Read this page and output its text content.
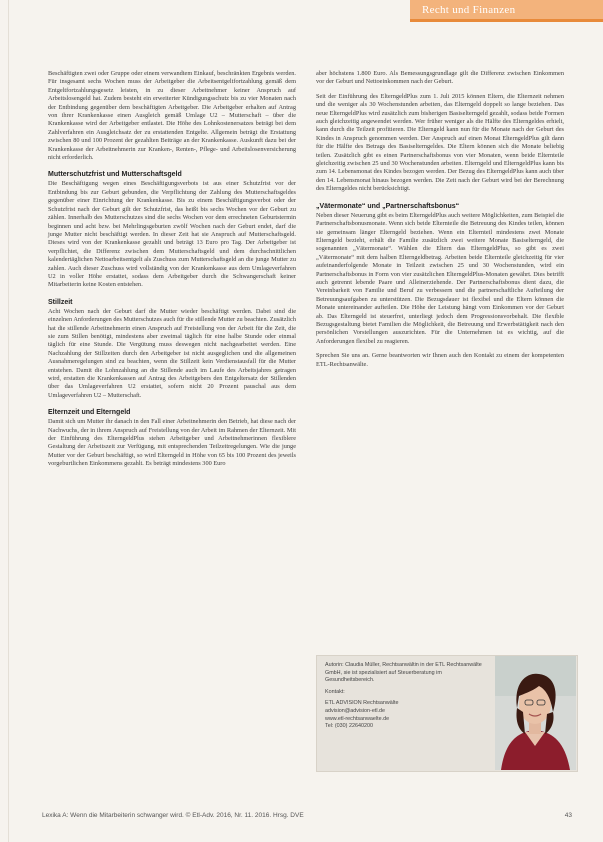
Recht und Finanzen

Beschäftigten zwei oder Gruppe oder einem verwandtem Einkauf, beschränkten Ergebnis werden. Für insgesamt sechs Wochen muss der Arbeitgeber die Arbeitsentgeltfortzahlung gemäß dem Entgeltfortzahlungsgesetz leisten, in zu dieser Arbeitnehmer keiner Anspruch auf Arbeitslosengeld hat. Zudem besteht ein erweiterter Kündigungsschutz bis zu vier Monaten nach der Entbindung gegenüber dem beschäftigten Arbeitgeber. Die Arbeitgeber erhalten auf Antrag von ihrer Krankenkasse einen Ausgleich gemäß Umlage U2 – Mutterschaft – über die Krankenkasse wird der Arbeitgeber entlastet. Die Höhe des Lohnkostenersatzes beträgt bei dem Zahlverfahren ein Ausgleichsatz der zu erstattenden Entgelte. Allgemein beträgt die Erstattung zwischen 80 und 100 Prozent der gezahlten Beiträge an der Krankenkasse. Auskunft dazu bei der Krankenkasse der Arbeitnehmerin zur Kranken-, Renten-, Pflege- und Arbeitslosenversicherung nicht erforderlich.

Mutterschutzfrist und Mutterschaftsgeld

Die Beschäftigung wegen eines Beschäftigungsverbots ist aus einer Schutzfrist vor der Entbindung bis zur Geburt gebunden, die Verpflichtung der Zahlung des Mutterschaftsgeldes gegenüber einer Einrichtung der Krankenkasse. Bis zu einem Beschäftigungsverbot oder der Schutzfrist nach der Geburt gilt der Schutzfrist, das heißt bis sechs Wochen vor der Geburt zu zählen. Innerhalb des Mutterschutzes sind die sechs Wochen vor dem errechneten Geburtstermin beginnen und acht bzw. bei Mehrlingsgeburten zwölf Wochen nach der Geburt endet, darf die junge Mutter nicht beschäftigt werden. In dieser Zeit hat sie Anspruch auf Mutterschaftsgeld. Dieses wird von der Krankenkasse gezahlt und beträgt 13 Euro pro Tag. Der Arbeitgeber ist verpflichtet, die Differenz zwischen dem Mutterschaftsgeld und dem durchschnittlichen kalendertäglichen Nettoarbeitsentgelt als Zuschuss zum Mutterschaftsgeld an die junge Mutter zu zahlen. Auch dieser Zuschuss wird vollständig von der Krankenkasse aus dem Umlageverfahren U2 in voller Höhe erstattet, sodass dem Arbeitgeber durch die Schwangerschaft keiner Mitarbeiterin keine Kosten entstehen.

Stillzeit

Acht Wochen nach der Geburt darf die Mutter wieder beschäftigt werden. Dabei sind die einzelnen Anforderungen des Mutterschutzes auch für die stillende Mutter zu beachten. Zusätzlich hat die stillende Arbeitnehmerin einen Anspruch auf Freistellung von der Arbeit für die Zeit, die sie zum Stillen benötigt, mindestens aber zweimal täglich für eine halbe Stunde oder einmal täglich für eine Stunde. Die Vergütung muss deswegen nicht nachgearbeitet werden. Eine Nachzahlung der Stillzeiten durch den Arbeitgeber ist nicht ausgeglichen und die allgemeinen Ausnahmeregelungen sind zu beachten, wenn die Stillzeit kein Verdienstausfall für die Mutter entstehen. Damit die Lohnzahlung an die Stillende auch im Laufe des Arbeitsjahres getragen wird, erstatten die Krankenkassen auf Antrag des Arbeitgebers den Entgeltersatz der Stillenden über das Umlageverfahren U2 erstattet, sofern nicht 20 Prozent pauschal aus dem Umlageverfahren U2 – Mutterschaft.

Elternzeit und Elterngeld

Damit sich um Mutter ihr danach in den Fall einer Arbeitnehmerin den Betrieb, hat diese nach der Nachwuchs, der in ihrem Anspruch auf Freistellung von der Arbeit im Rahmen der Elternzeit. Mit der Einführung des ElterngeldPlus stehen Arbeitgeber und Arbeitnehmerinnen flexiblere Gestaltung der Arbeitszeit zur Verfügung, mit entsprechenden Teilzeitregelungen. Wie die junge Mutter vor der Geburt beschäftigt, so wird Elterngeld in Höhe von 65 bis 100 Prozent des jeweils vorgeburtlichen Einkommens gezahlt. Es beträgt mindestens 300 Euro

aber höchstens 1.800 Euro. Als Bemessungsgrundlage gilt die Differenz zwischen Einkommen vor der Geburt und Nettoeinkommen nach der Geburt.

Seit der Einführung des ElterngeldPlus zum 1. Juli 2015 können Eltern, die Elternzeit nehmen und die weniger als 30 Wochenstunden arbeiten, das Elterngeld doppelt so lange beziehen. Das neue ElterngeldPlus wird zusätzlich zum bisherigen Basiselterngeld gezahlt, sodass beide Formen auch gleichzeitig angewendet werden. Wer früher weniger als die Hälfte des Elterngeldes erhielt, kann durch die Teilzeit profitieren. Die Elterngeld kann nun für die Monate nach der Geburt des Kindes in Anspruch genommen werden. Der Anspruch auf einen Monat ElterngeldPlus gilt dann für die Hälfte des Betrags des Basiselterngeldes. Die Eltern können sich die Monate beliebig teilen. Zusätzlich gibt es einen Partnerschaftsbonus von vier Monaten, wenn beide Elternteile gleichzeitig zwischen 25 und 30 Wochenstunden arbeiten. Elterngeld und ElterngeldPlus kann bis zum 14. Lebensmonat des Kindes bezogen werden. Der Bezug des ElterngeldPlus kann auch über den 14. Lebensmonat hinaus bezogen werden. Die Zeit nach der Geburt wird bei der Berechnung des Elterngeldes nicht berücksichtigt.

„Vätermonate“ und „Partnerschaftsbonus“

Neben dieser Neuerung gibt es beim ElterngeldPlus auch weitere Möglichkeiten, zum Beispiel die Partnerschaftsbonusmonate. Wenn sich beide Elternteile die Betreuung des Kindes teilen, können sie gemeinsam länger Elterngeld beziehen. Wenn ein Elternteil mindestens zwei Monate Elterngeld bezieht, erhält die Familie zusätzlich zwei weitere Monate Basiselterngeld, die sogenannten „Vätermonate“. Wählen die Eltern das ElterngeldPlus, so gibt es zwei „Vätermonate“ mit dem halben Elterngeldbetrag. Arbeiten beide Elternteile gleichzeitig für vier aufeinanderfolgende Monate in Teilzeit zwischen 25 und 30 Wochenstunden, wird ein Partnerschaftsbonus in Form von vier zusätzlichen ElterngeldPlus-Monaten gewährt. Dies betrifft auch getrennt lebende Paare und Alleinerziehende. Der Partnerschaftsbonus dient dazu, die Vereinbarkeit von Familie und Beruf zu verbessern und die partnerschaftliche Aufteilung der Betreuungsaufgaben zu unterstützen. Die Bezugsdauer ist flexibel und die Eltern können die Monate untereinander aufteilen. Die Höhe der Leistung hängt vom Einkommen vor der Geburt ab. Das Elterngeld ist steuerfrei, unterliegt jedoch dem Progressionsvorbehalt. Die flexible Bezugsgestaltung bietet Familien die Möglichkeit, die Betreuung und Erwerbstätigkeit nach den persönlichen Vorstellungen auszurichten. Für die Unternehmen ist es wichtig, auf die Anforderungen flexibel zu reagieren.

Sprechen Sie uns an. Gerne beantworten wir Ihnen auch den Kontakt zu einem der kompetenten ETL-Rechtsanwälte.

Autorin: Claudia Müller, Rechtsanwältin in der ETL Rechtsanwälte GmbH, sie ist spezialisiert auf Steuerberatung im Gesundheitsbereich.

Kontakt:

ETL ADVISION Rechtsanwälte
advision@advision-etl.de
www.etl-rechtsanwaelte.de
Tel: (030) 22640200
Lexika A: Wenn die Mitarbeiterin schwanger wird. © Etl-Adv. 2016, Nr. 11. 2016. Hrsg. DVE	43
